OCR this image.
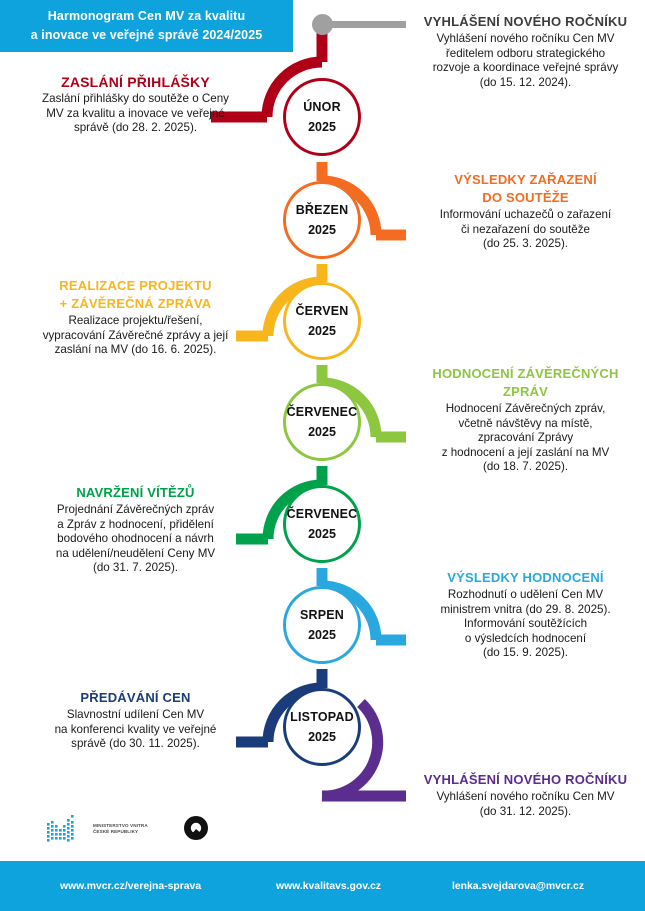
Harmonogram Cen MV za kvalitu
a inovace ve veřejné správě 2024/2025
ÚNOR
2025
BŘEZEN
2025
ČERVEN
2025
ČERVENEC
2025
ČERVENEC
2025
SRPEN
2025
LISTOPAD
2025

VYHLÁŠENÍ NOVÉHO ROČNÍKU

Vyhlášení nového ročníku Cen MV

ředitelem odboru strategického

rozvoje a koordinace veřejné správy

(do 15. 12. 2024).

ZASLÁNÍ PŘIHLÁŠKY

Zaslání přihlášky do soutěže o Ceny

MV za kvalitu a inovace ve veřejné

správě (do 28. 2. 2025).

VÝSLEDKY ZAŘAZENÍ

DO SOUTĚŽE

Informování uchazečů o zařazení

či nezařazení do soutěže

(do 25. 3. 2025).

REALIZACE PROJEKTU

+ ZÁVĚREČNÁ ZPRÁVA

Realizace projektu/řešení,

vypracování Závěrečné zprávy a její

zaslání na MV (do 16. 6. 2025).

HODNOCENÍ ZÁVĚREČNÝCH

ZPRÁV

Hodnocení Závěrečných zpráv,

včetně návštěvy na místě,

zpracování Zprávy

z hodnocení a její zaslání na MV

(do 18. 7. 2025).

NAVRŽENÍ VÍTĚZŮ

Projednání Závěrečných zpráv

a Zpráv z hodnocení, přidělení

bodového ohodnocení a návrh

na udělení/neudělení Ceny MV

(do 31. 7. 2025).

VÝSLEDKY HODNOCENÍ

Rozhodnutí o udělení Cen MV

ministrem vnitra (do 29. 8. 2025).

Informování soutěžících

o výsledcích hodnocení

(do 15. 9. 2025).

PŘEDÁVÁNÍ CEN

Slavnostní udílení Cen MV

na konferenci kvality ve veřejné

správě (do 30. 11. 2025).

VYHLÁŠENÍ NOVÉHO ROČNÍKU

Vyhlášení nového ročníku Cen MV

(do 31. 12. 2025).

MINISTERSTVO VNITRA
ČESKÉ REPUBLIKY
www.mvcr.cz/verejna-sprava	www.kvalitavs.gov.cz	lenka.svejdarova@mvcr.cz
